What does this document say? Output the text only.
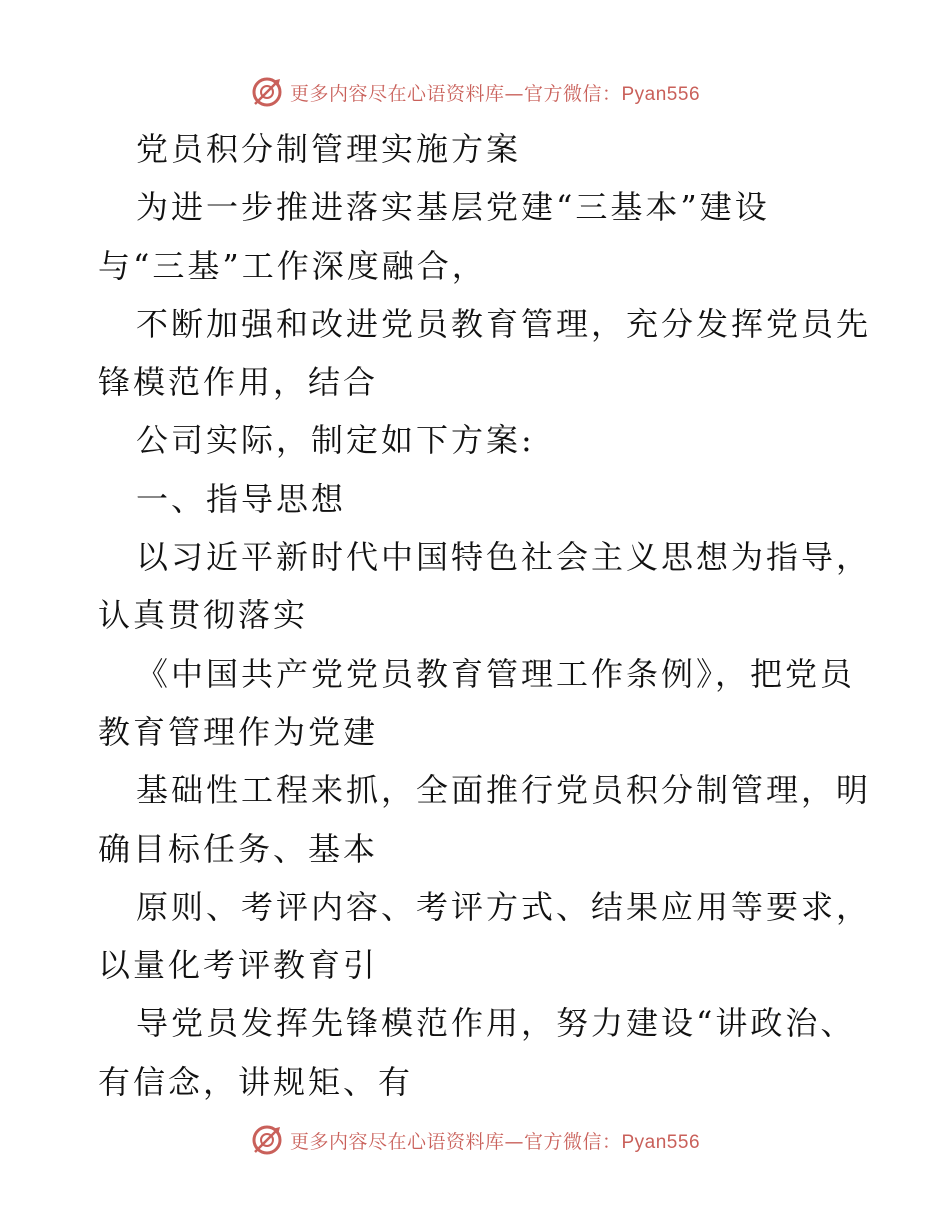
更多内容尽在心语资料库—官方微信：Pyan556
党员积分制管理实施方案
为进一步推进落实基层党建“三基本”建设
与“三基”工作深度融合，
不断加强和改进党员教育管理，充分发挥党员先
锋模范作用，结合
公司实际，制定如下方案:
一、指导思想
以习近平新时代中国特色社会主义思想为指导，
认真贯彻落实
《中国共产党党员教育管理工作条例》，把党员
教育管理作为党建
基础性工程来抓，全面推行党员积分制管理，明
确目标任务、基本
原则、考评内容、考评方式、结果应用等要求，
以量化考评教育引
导党员发挥先锋模范作用，努力建设“讲政治、
有信念，讲规矩、有
更多内容尽在心语资料库—官方微信：Pyan556
